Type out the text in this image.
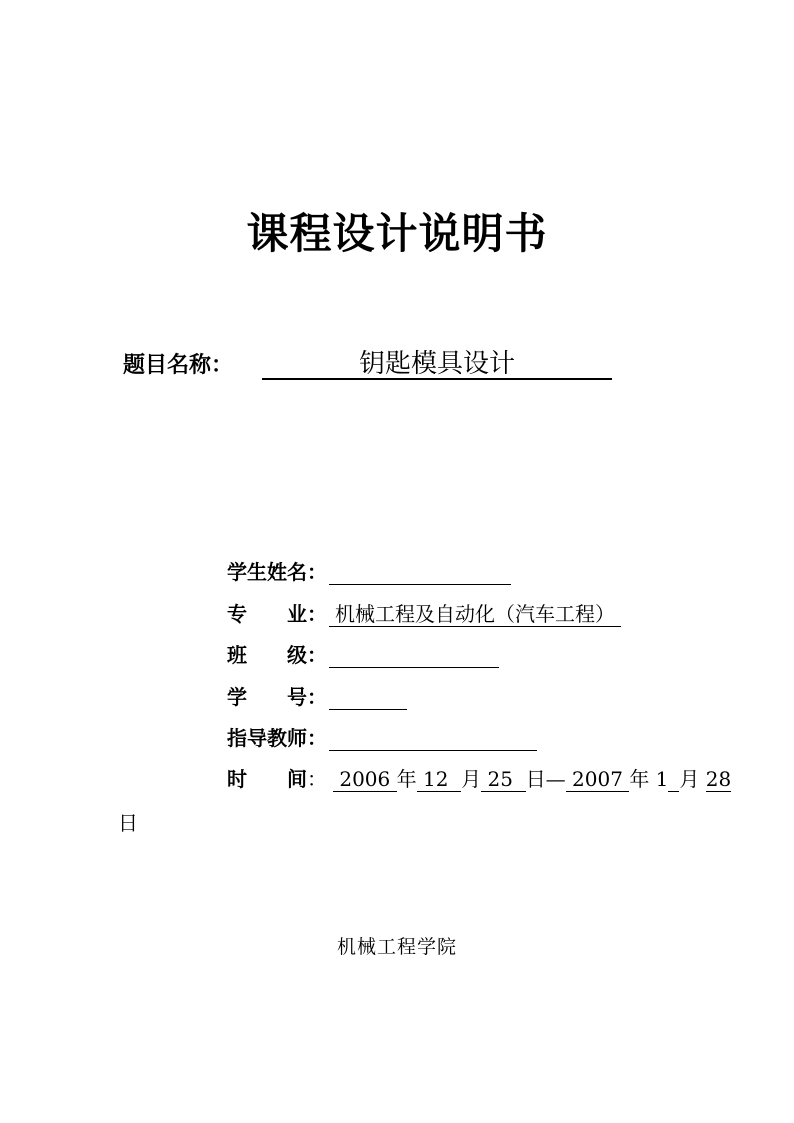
课程设计说明书
题目名称：	钥匙模具设计
学生姓名 ：
专业 ： 机械工程及自动化（汽车工程）
班级 ：
学号 ：
指导教师 ：
时间 ： 2006 年 12 月 25 日— 2007 年 1 月 28
日
机械工程学院
